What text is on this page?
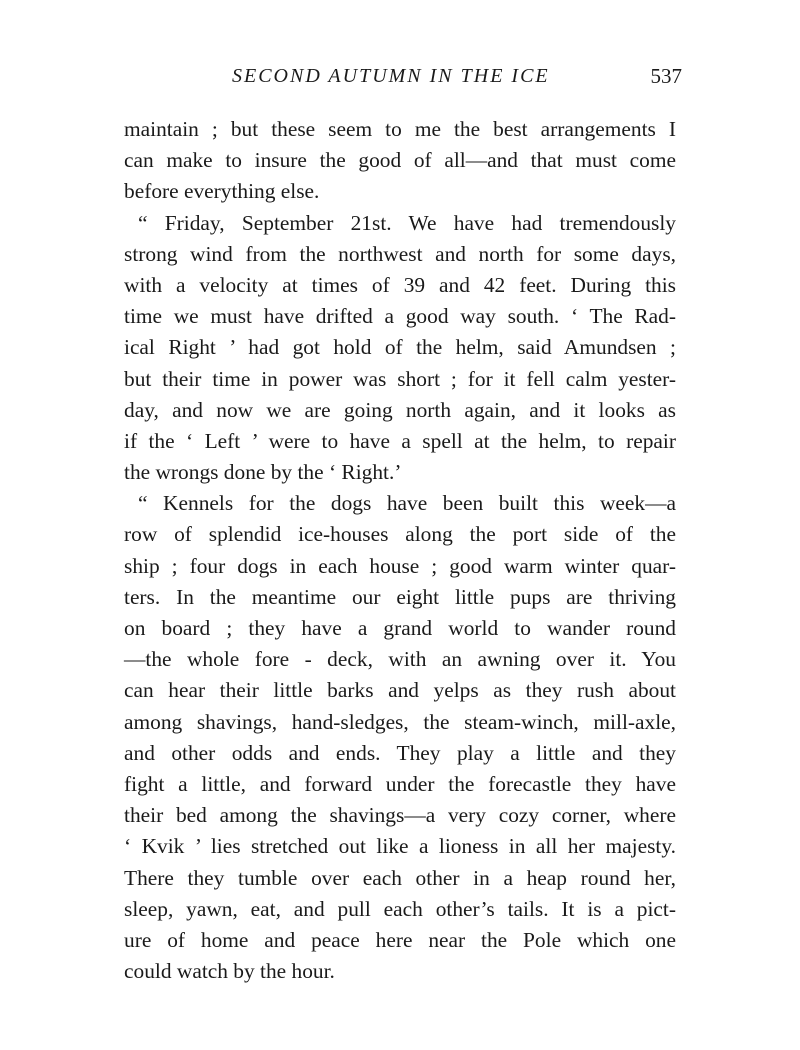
SECOND AUTUMN IN THE ICE	537
maintain ; but these seem to me the best arrangements I
can make to insure the good of all—and that must come
before everything else.
“ Friday, September 21st. We have had tremendously
strong wind from the northwest and north for some days,
with a velocity at times of 39 and 42 feet. During this
time we must have drifted a good way south. ‘ The Rad-
ical Right ’ had got hold of the helm, said Amundsen ;
but their time in power was short ; for it fell calm yester-
day, and now we are going north again, and it looks as
if the ‘ Left ’ were to have a spell at the helm, to repair
the wrongs done by the ‘ Right.’
“ Kennels for the dogs have been built this week—a
row of splendid ice-houses along the port side of the
ship ; four dogs in each house ; good warm winter quar-
ters. In the meantime our eight little pups are thriving
on board ; they have a grand world to wander round
—the whole fore - deck, with an awning over it. You
can hear their little barks and yelps as they rush about
among shavings, hand-sledges, the steam-winch, mill-axle,
and other odds and ends. They play a little and they
fight a little, and forward under the forecastle they have
their bed among the shavings—a very cozy corner, where
‘ Kvik ’ lies stretched out like a lioness in all her majesty.
There they tumble over each other in a heap round her,
sleep, yawn, eat, and pull each other’s tails. It is a pict-
ure of home and peace here near the Pole which one
could watch by the hour.
